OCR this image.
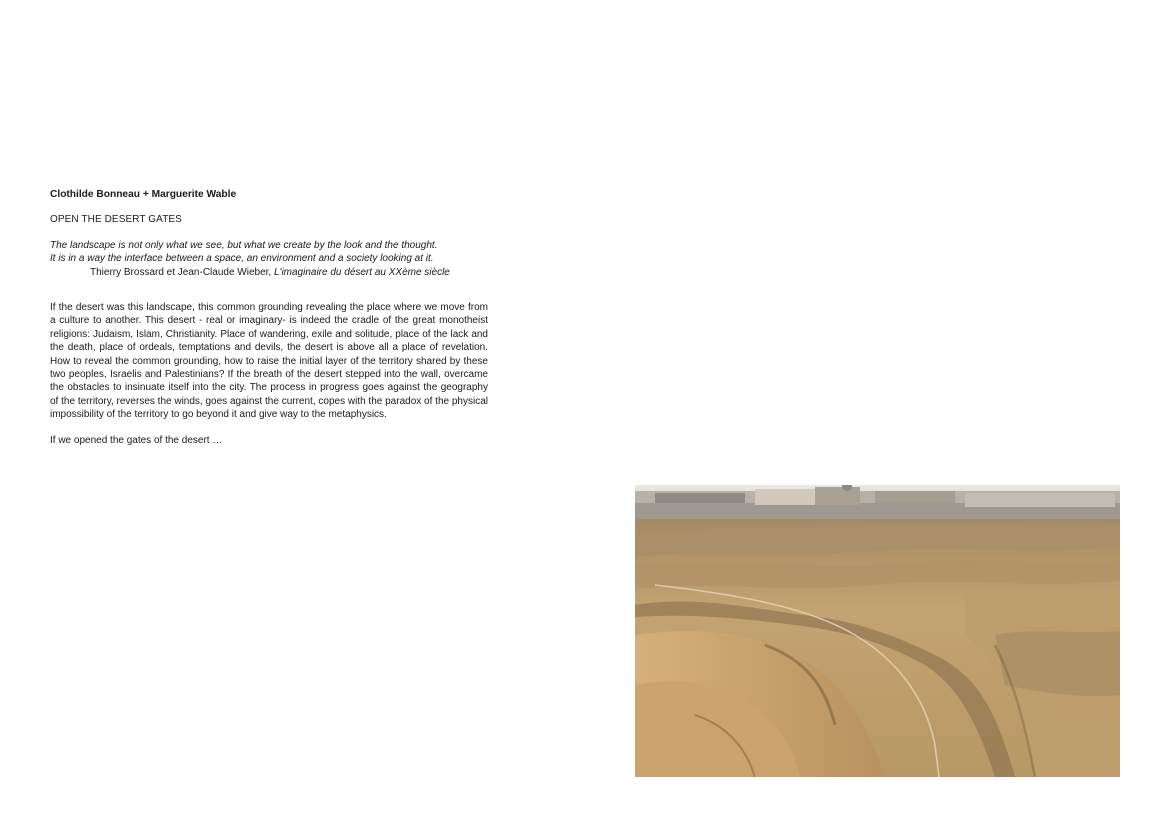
Clothilde Bonneau + Marguerite Wable

OPEN THE DESERT GATES

The landscape is not only what we see, but what we create by the look and the thought.
It is in a way the interface between a space, an environment and a society looking at it.

Thierry Brossard et Jean-Claude Wieber, L'imaginaire du désert au XXème siècle

If the desert was this landscape, this common grounding revealing the place where we move from a culture to another. This desert - real or imaginary- is indeed the cradle of the great monotheist religions: Judaism, Islam, Christianity. Place of wandering, exile and solitude, place of the lack and the death, place of ordeals, temptations and devils, the desert is above all a place of revelation. How to reveal the common grounding, how to raise the initial layer of the territory shared by these two peoples, Israelis and Palestinians? If the breath of the desert stepped into the wall, overcame the obstacles to insinuate itself into the city. The process in progress goes against the geography of the territory, reverses the winds, goes against the current, copes with the paradox of the physical impossibility of the territory to go beyond it and give way to the metaphysics.

If we opened the gates of the desert …
